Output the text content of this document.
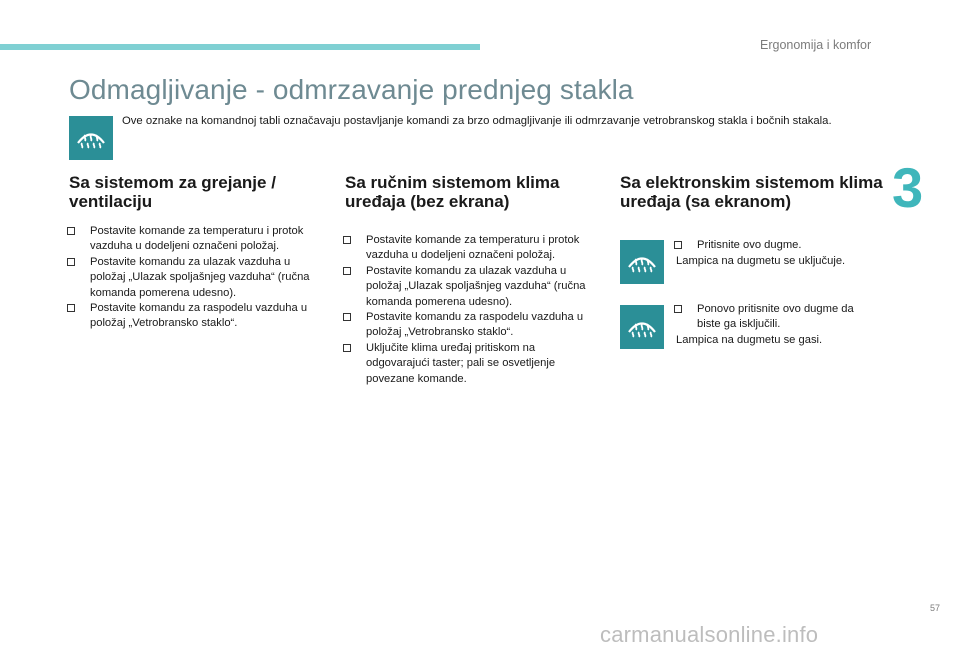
Ergonomija i komfor
3
Odmagljivanje - odmrzavanje prednjeg stakla
Ove oznake na komandnoj tabli označavaju postavljanje komandi za brzo odmagljivanje ili odmrzavanje vetrobranskog stakla i bočnih stakala.
Sa sistemom za grejanje / ventilaciju
Postavite komande za temperaturu i protok vazduha u dodeljeni označeni položaj.
Postavite komandu za ulazak vazduha u položaj „Ulazak spoljašnjeg vazduha“ (ručna komanda pomerena udesno).
Postavite komandu za raspodelu vazduha u položaj „Vetrobransko staklo“.
Sa ručnim sistemom klima uređaja (bez ekrana)
Postavite komande za temperaturu i protok vazduha u dodeljeni označeni položaj.
Postavite komandu za ulazak vazduha u položaj „Ulazak spoljašnjeg vazduha“ (ručna komanda pomerena udesno).
Postavite komandu za raspodelu vazduha u položaj „Vetrobransko staklo“.
Uključite klima uređaj pritiskom na odgovarajući taster; pali se osvetljenje povezane komande.
Sa elektronskim sistemom klima uređaja (sa ekranom)
Pritisnite ovo dugme.
Lampica na dugmetu se uključuje.
Ponovo pritisnite ovo dugme da biste ga isključili.
Lampica na dugmetu se gasi.
57
carmanualsonline.info
